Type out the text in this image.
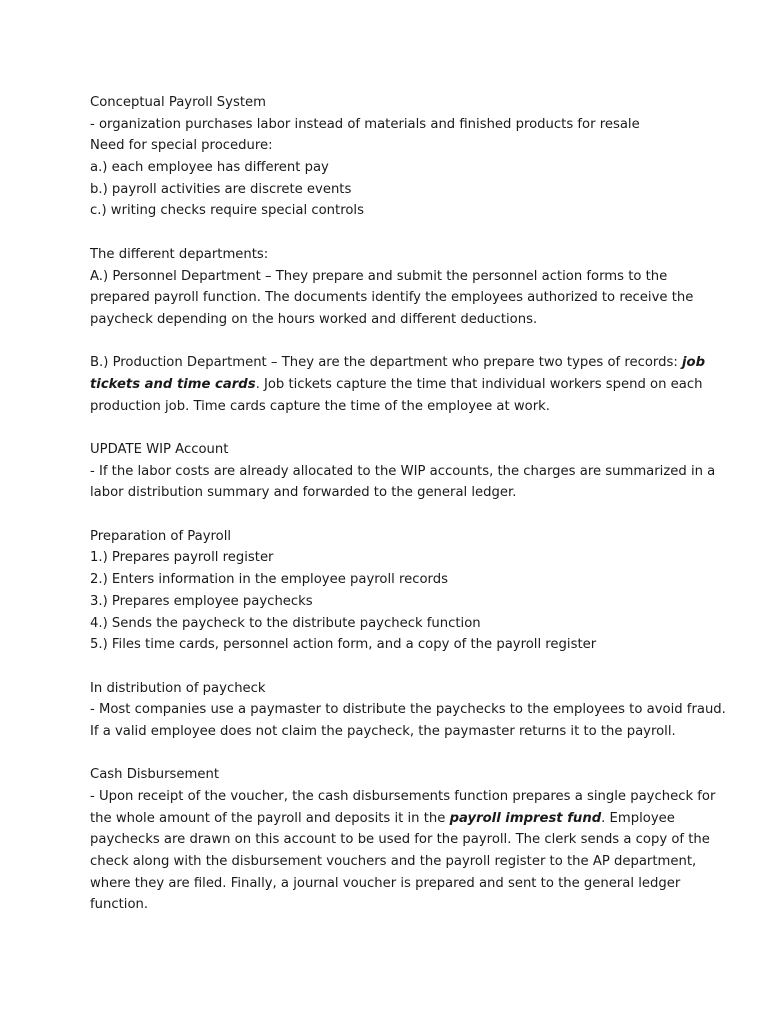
Conceptual Payroll System
- organization purchases labor instead of materials and finished products for resale
Need for special procedure:
a.) each employee has different pay
b.) payroll activities are discrete events
c.) writing checks require special controls
The different departments:
A.) Personnel Department – They prepare and submit the personnel action forms to the
prepared payroll function. The documents identify the employees authorized to receive the
paycheck depending on the hours worked and different deductions.
B.) Production Department – They are the department who prepare two types of records: job
tickets and time cards. Job tickets capture the time that individual workers spend on each
production job. Time cards capture the time of the employee at work.
UPDATE WIP Account
- If the labor costs are already allocated to the WIP accounts, the charges are summarized in a
labor distribution summary and forwarded to the general ledger.
Preparation of Payroll
1.) Prepares payroll register
2.) Enters information in the employee payroll records
3.) Prepares employee paychecks
4.) Sends the paycheck to the distribute paycheck function
5.) Files time cards, personnel action form, and a copy of the payroll register
In distribution of paycheck
- Most companies use a paymaster to distribute the paychecks to the employees to avoid fraud.
If a valid employee does not claim the paycheck, the paymaster returns it to the payroll.
Cash Disbursement
- Upon receipt of the voucher, the cash disbursements function prepares a single paycheck for
the whole amount of the payroll and deposits it in the payroll imprest fund. Employee
paychecks are drawn on this account to be used for the payroll. The clerk sends a copy of the
check along with the disbursement vouchers and the payroll register to the AP department,
where they are filed. Finally, a journal voucher is prepared and sent to the general ledger
function.
